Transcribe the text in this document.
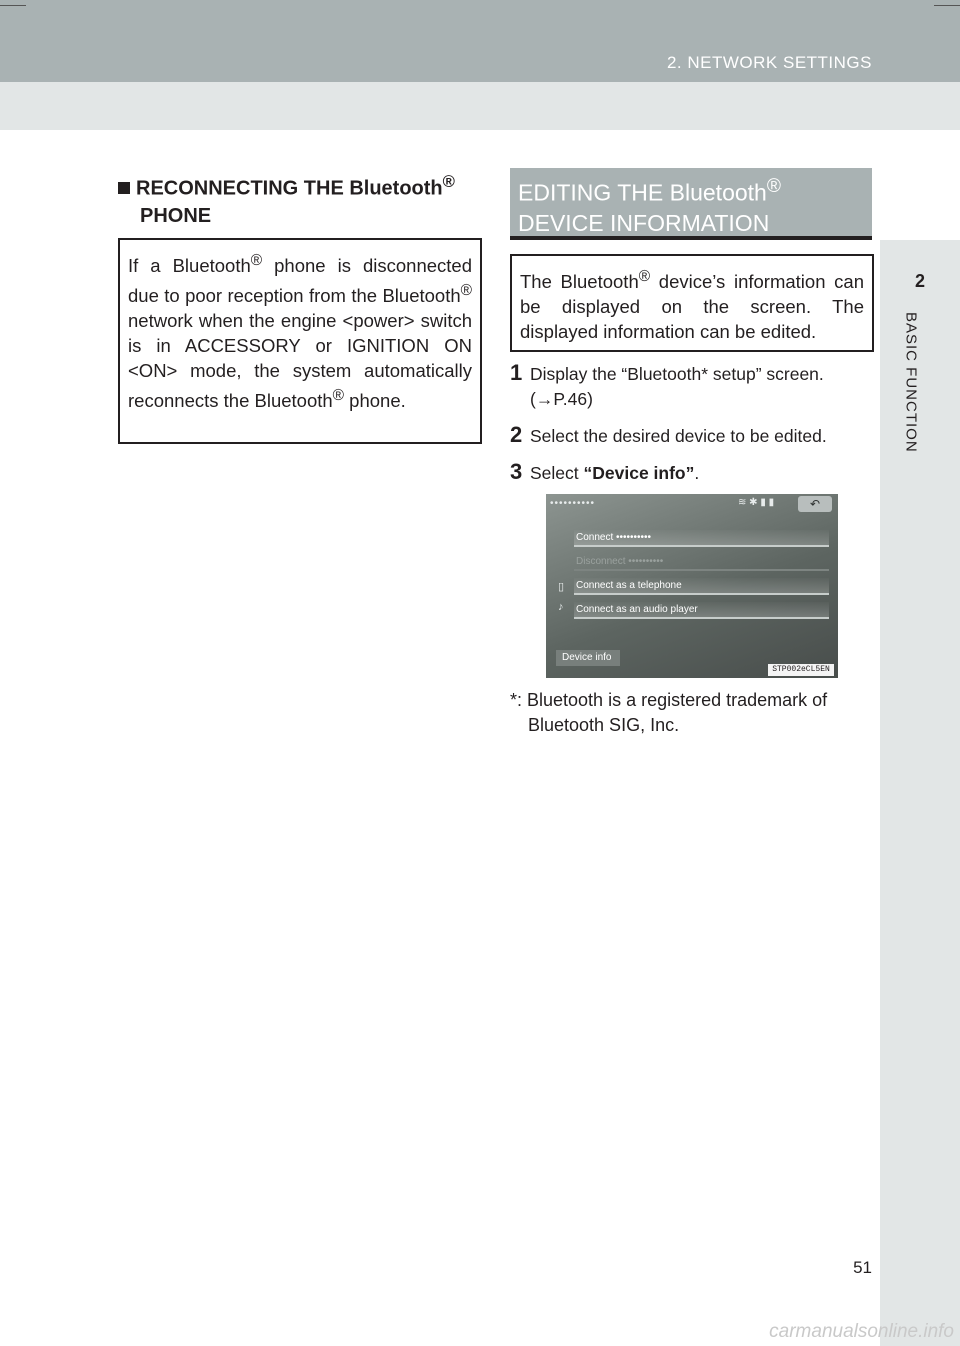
2. NETWORK SETTINGS
2
BASIC FUNCTION
RECONNECTING THE Bluetooth®
PHONE
If a Bluetooth® phone is disconnected due to poor reception from the Bluetooth® network when the engine <power> switch is in ACCESSORY or IGNITION ON <ON> mode, the system automatically reconnects the Bluetooth® phone.
EDITING THE Bluetooth®
DEVICE INFORMATION
The Bluetooth® device’s information can be displayed on the screen. The displayed information can be edited.
1 Display the “Bluetooth* setup” screen.
(→P.46)
2 Select the desired device to be edited.
3 Select “Device info”.
••••••••••	≋ ✱ ▮ ▮	↶
Connect ••••••••••
Disconnect ••••••••••
▯ Connect as a telephone
♪ Connect as an audio player
Device info
STP002eCL5EN
*: Bluetooth is a registered trademark of
Bluetooth SIG, Inc.
51
carmanualsonline.info
